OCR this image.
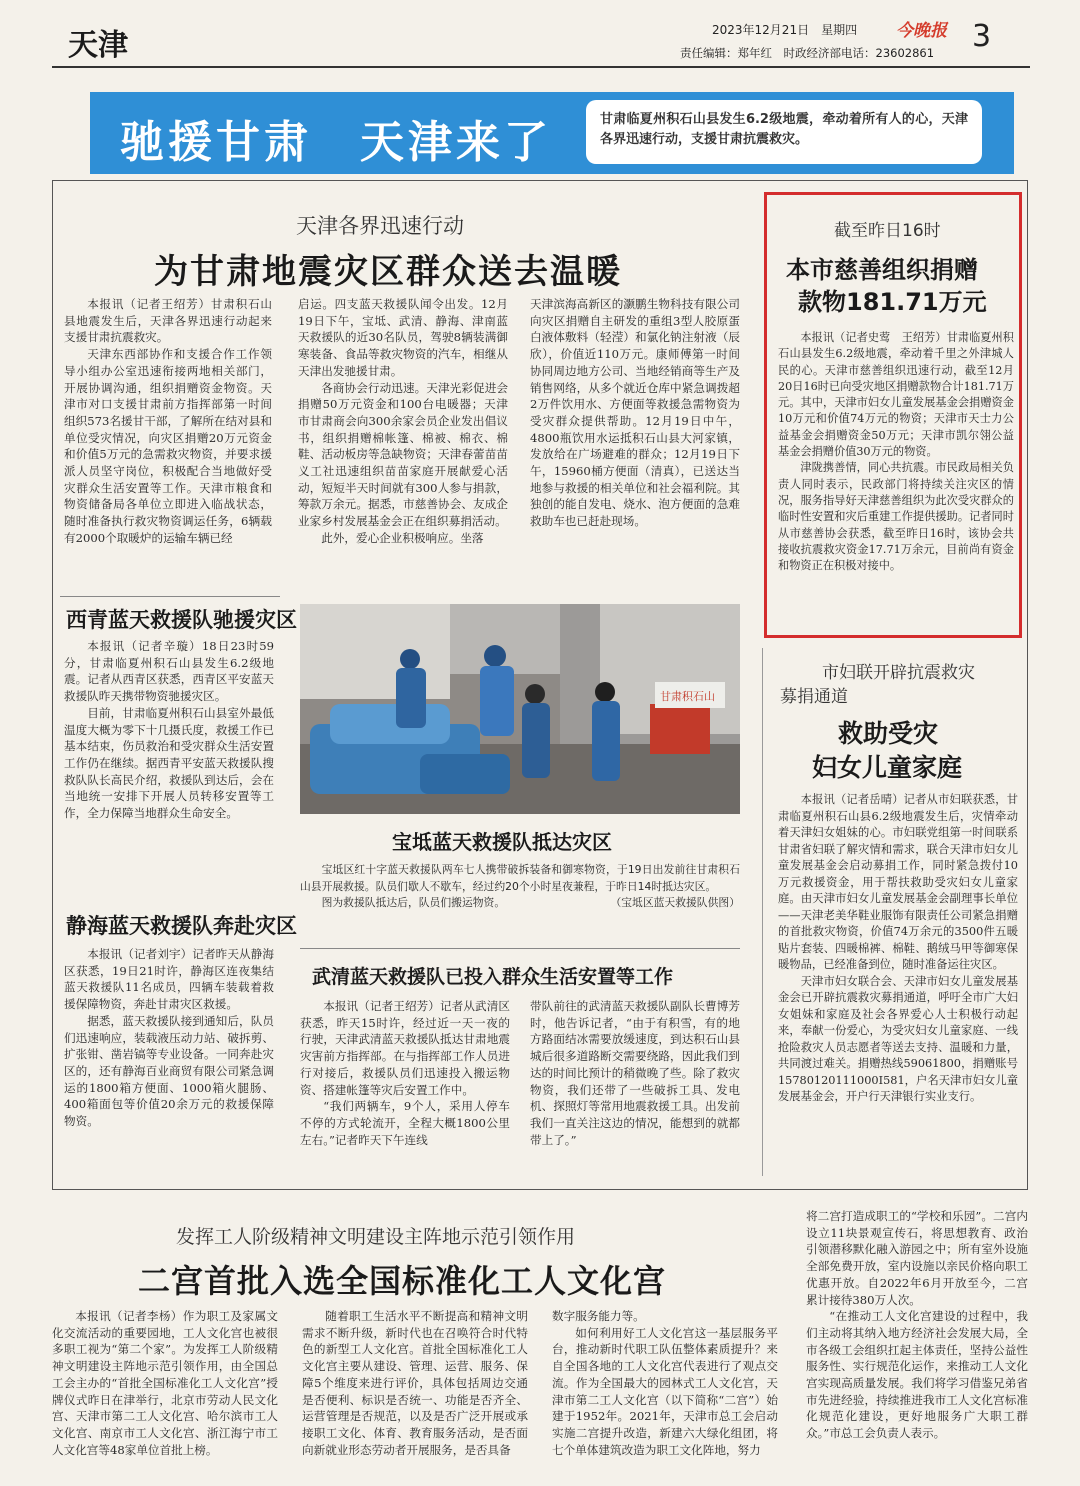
天津	2023年12月21日　星期四 今晚报 3
责任编辑：郑年红　时政经济部电话：23602861
驰援甘肃　天津来了	甘肃临夏州积石山县发生6.2级地震，牵动着所有人的心，天津各界迅速行动，支援甘肃抗震救灾。
天津各界迅速行动
为甘肃地震灾区群众送去温暖

本报讯（记者王绍芳）甘肃积石山县地震发生后，天津各界迅速行动起来支援甘肃抗震救灾。

天津东西部协作和支援合作工作领导小组办公室迅速衔接两地相关部门，开展协调沟通，组织捐赠资金物资。天津市对口支援甘肃前方指挥部第一时间组织573名援甘干部，了解所在结对县和单位受灾情况，向灾区捐赠20万元资金和价值5万元的急需救灾物资，并要求援派人员坚守岗位，积极配合当地做好受灾群众生活安置等工作。天津市粮食和物资储备局各单位立即进入临战状态，随时准备执行救灾物资调运任务，6辆载有2000个取暖炉的运输车辆已经

启运。四支蓝天救援队闻令出发。12月19日下午，宝坻、武清、静海、津南蓝天救援队的近30名队员，驾驶8辆装满御寒装备、食品等救灾物资的汽车，相继从天津出发驰援甘肃。

各商协会行动迅速。天津光彩促进会捐赠50万元资金和100台电暖器；天津市甘肃商会向300余家会员企业发出倡议书，组织捐赠棉帐篷、棉被、棉衣、棉鞋、活动板房等急缺物资；天津春蕾苗苗义工社迅速组织苗苗家庭开展献爱心活动，短短半天时间就有300人参与捐款，筹款万余元。据悉，市慈善协会、友成企业家乡村发展基金会正在组织募捐活动。

此外，爱心企业积极响应。坐落

天津滨海高新区的灏鹏生物科技有限公司向灾区捐赠自主研发的重组3型人胶原蛋白液体敷料（轻滢）和氯化钠注射液（辰欣），价值近110万元。康师傅第一时间协同周边地方公司、当地经销商等生产及销售网络，从多个就近仓库中紧急调拨超2万件饮用水、方便面等救援急需物资为受灾群众提供帮助。12月19日中午，4800瓶饮用水运抵积石山县大河家镇，发放给在广场避难的群众；12月19日下午，15960桶方便面（清真），已送达当地参与救援的相关单位和社会福利院。其独创的能自发电、烧水、泡方便面的急难救助车也已赶赴现场。

截至昨日16时
本市慈善组织捐赠
款物181.71万元

本报讯（记者史莺　王绍芳）甘肃临夏州积石山县发生6.2级地震，牵动着千里之外津城人民的心。天津市慈善组织迅速行动，截至12月20日16时已向受灾地区捐赠款物合计181.71万元。其中，天津市妇女儿童发展基金会捐赠资金10万元和价值74万元的物资；天津市天士力公益基金会捐赠资金50万元；天津市凯尔翎公益基金会捐赠价值30万元的物资。

津陇携善情，同心共抗震。市民政局相关负责人同时表示，民政部门将持续关注灾区的情况，服务指导好天津慈善组织为此次受灾群众的临时性安置和灾后重建工作提供援助。记者同时从市慈善协会获悉，截至昨日16时，该协会共接收抗震救灾资金17.71万余元，目前尚有资金和物资正在积极对接中。

市妇联开辟抗震救灾
募捐通道
救助受灾
妇女儿童家庭

本报讯（记者岳晴）记者从市妇联获悉，甘肃临夏州积石山县6.2级地震发生后，灾情牵动着天津妇女姐妹的心。市妇联党组第一时间联系甘肃省妇联了解灾情和需求，联合天津市妇女儿童发展基金会启动募捐工作，同时紧急拨付10万元救援资金，用于帮扶救助受灾妇女儿童家庭。由天津市妇女儿童发展基金会副理事长单位——天津老美华鞋业服饰有限责任公司紧急捐赠的首批救灾物资，价值74万余元的3500件五暖贴片套装、四暖棉裤、棉鞋、鹅绒马甲等御寒保暖物品，已经准备到位，随时准备运往灾区。

天津市妇女联合会、天津市妇女儿童发展基金会已开辟抗震救灾募捐通道，呼吁全市广大妇女姐妹和家庭及社会各界爱心人士积极行动起来，奉献一份爱心，为受灾妇女儿童家庭、一线抢险救灾人员志愿者等送去支持、温暖和力量，共同渡过难关。捐赠热线59061800，捐赠账号15780120111000I581，户名天津市妇女儿童发展基金会，开户行天津银行实业支行。

西青蓝天救援队驰援灾区

本报讯（记者辛璇）18日23时59分，甘肃临夏州积石山县发生6.2级地震。记者从西青区获悉，西青区平安蓝天救援队昨天携带物资驰援灾区。

目前，甘肃临夏州积石山县室外最低温度大概为零下十几摄氏度，救援工作已基本结束，伤员救治和受灾群众生活安置工作仍在继续。据西青平安蓝天救援队搜救队队长高民介绍，救援队到达后，会在当地统一安排下开展人员转移安置等工作，全力保障当地群众生命安全。

静海蓝天救援队奔赴灾区

本报讯（记者刘宇）记者昨天从静海区获悉，19日21时许，静海区连夜集结蓝天救援队11名成员，四辆车装载着救援保障物资，奔赴甘肃灾区救援。

据悉，蓝天救援队接到通知后，队员们迅速响应，装载液压动力站、破拆剪、扩张钳、凿岩镐等专业设备。一同奔赴灾区的，还有静海百业商贸有限公司紧急调运的1800箱方便面、1000箱火腿肠、400箱面包等价值20余万元的救援保障物资。

甘肃积石山
宝坻蓝天救援队抵达灾区

宝坻区红十字蓝天救援队两车七人携带破拆装备和御寒物资，于19日出发前往甘肃积石山县开展救援。队员们歇人不歇车，经过约20个小时星夜兼程，于昨日14时抵达灾区。

图为救援队抵达后，队员们搬运物资。	（宝坻区蓝天救援队供图）

武清蓝天救援队已投入群众生活安置等工作

本报讯（记者王绍芳）记者从武清区获悉，昨天15时许，经过近一天一夜的行驶，天津武清蓝天救援队抵达甘肃地震灾害前方指挥部。在与指挥部工作人员进行对接后，救援队员们迅速投入搬运物资、搭建帐篷等灾后安置工作中。

“我们两辆车，9个人，采用人停车不停的方式轮流开，全程大概1800公里左右。”记者昨天下午连线

带队前往的武清蓝天救援队副队长曹博芳时，他告诉记者，“由于有积雪，有的地方路面结冰需要放缓速度，到达积石山县城后很多道路断交需要绕路，因此我们到达的时间比预计的稍微晚了些。除了救灾物资，我们还带了一些破拆工具、发电机、探照灯等常用地震救援工具。出发前我们一直关注这边的情况，能想到的就都带上了。”

发挥工人阶级精神文明建设主阵地示范引领作用
二宫首批入选全国标准化工人文化宫

本报讯（记者李杨）作为职工及家属文化交流活动的重要园地，工人文化宫也被很多职工视为“第二个家”。为发挥工人阶级精神文明建设主阵地示范引领作用，由全国总工会主办的“首批全国标准化工人文化宫”授牌仪式昨日在津举行，北京市劳动人民文化宫、天津市第二工人文化宫、哈尔滨市工人文化宫、南京市工人文化宫、浙江海宁市工人文化宫等48家单位首批上榜。

随着职工生活水平不断提高和精神文明需求不断升级，新时代也在召唤符合时代特色的新型工人文化宫。首批全国标准化工人文化宫主要从建设、管理、运营、服务、保障5个维度来进行评价，具体包括周边交通是否便利、标识是否统一、功能是否齐全、运营管理是否规范，以及是否广泛开展或承接职工文化、体育、教育服务活动，是否面向新就业形态劳动者开展服务，是否具备

数字服务能力等。

如何利用好工人文化宫这一基层服务平台，推动新时代职工队伍整体素质提升？来自全国各地的工人文化宫代表进行了观点交流。作为全国最大的园林式工人文化宫，天津市第二工人文化宫（以下简称“二宫”）始建于1952年。2021年，天津市总工会启动实施二宫提升改造，新建六大绿化组团，将七个单体建筑改造为职工文化阵地，努力

将二宫打造成职工的“学校和乐园”。二宫内设立11块景观宣传石，将思想教育、政治引领潜移默化融入游园之中；所有室外设施全部免费开放，室内设施以亲民价格向职工优惠开放。自2022年6月开放至今，二宫累计接待380万人次。

“在推动工人文化宫建设的过程中，我们主动将其纳入地方经济社会发展大局，全市各级工会组织扛起主体责任，坚持公益性服务性、实行规范化运作，来推动工人文化宫实现高质量发展。我们将学习借鉴兄弟省市先进经验，持续推进我市工人文化宫标准化规范化建设，更好地服务广大职工群众。”市总工会负责人表示。
